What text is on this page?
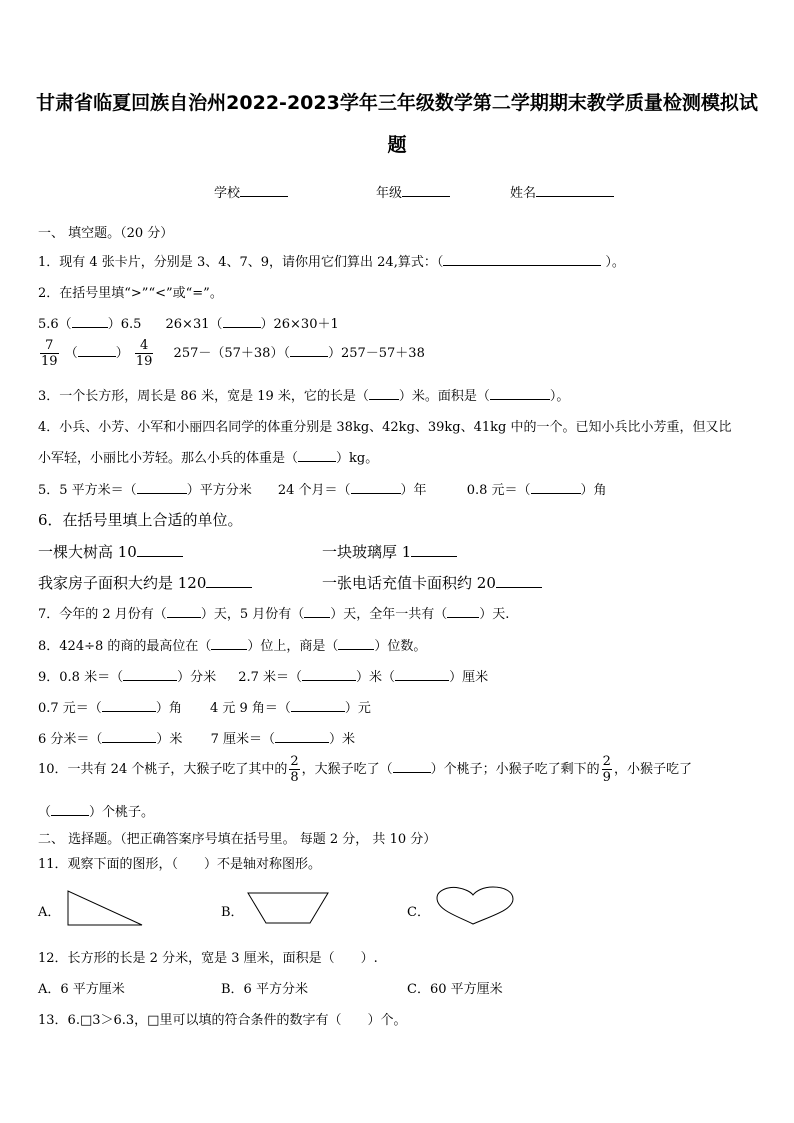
甘肃省临夏回族自治州2022-2023学年三年级数学第二学期期末教学质量检测模拟试
题
学校	年级	姓名
一、 填空题。（20 分）
1．现有 4 张卡片，分别是 3、4、7、9，请你用它们算出 24,算式：（	）。
2．在括号里填“>”“<”或“=”。
5.6（	）6.5 26×31（	）26×30＋1
$\frac{7}{19}$ （	） $\frac{4}{19} 257-(57+38)$（	）257－57＋38
3．一个长方形，周长是 86 米，宽是 19 米，它的长是（ ）米。面积是（	）。
4．小兵、小芳、小军和小丽四名同学的体重分别是 38kg、42kg、39kg、41kg 中的一个。已知小兵比小芳重，但又比
小军轻，小丽比小芳轻。那么小兵的体重是（	）kg。
5．5 平方米＝（	）平方分米 24 个月＝（	）年	0.8 元＝（	）角
6．在括号里填上合适的单位。
一棵大树高 10	一块玻璃厚 1
我家房子面积大约是 120	一张电话充值卡面积约 20
7．今年的 2 月份有（	）天，5 月份有（ ）天，全年一共有（ ）天.
8．424÷8 的商的最高位在（	）位上，商是（	）位数。
9．0.8 米＝（	）分米 2.7 米＝（	）米（	）厘米
0.7 元＝（	）角 4 元 9 角＝（	）元
6 分米＝（	）米 7 厘米＝（	）米
10．一共有 24 个桃子，大猴子吃了其中的 $\frac{2}{8}$ ，大猴子吃了（	）个桃子；小猴子吃了剩下的 $\frac{2}{9}$ ，小猴子吃了
（	）个桃子。
二、 选择题。（把正确答案序号填在括号里。 每题 2 分， 共 10 分）
11．观察下面的图形，（　　）不是轴对称图形。
A．	B．	C．
12．长方形的长是 2 分米，宽是 3 厘米，面积是（　　）.
A．6 平方厘米	B．6 平方分米	C．60 平方厘米
13．6.□3＞6.3，□里可以填的符合条件的数字有（　　）个。
